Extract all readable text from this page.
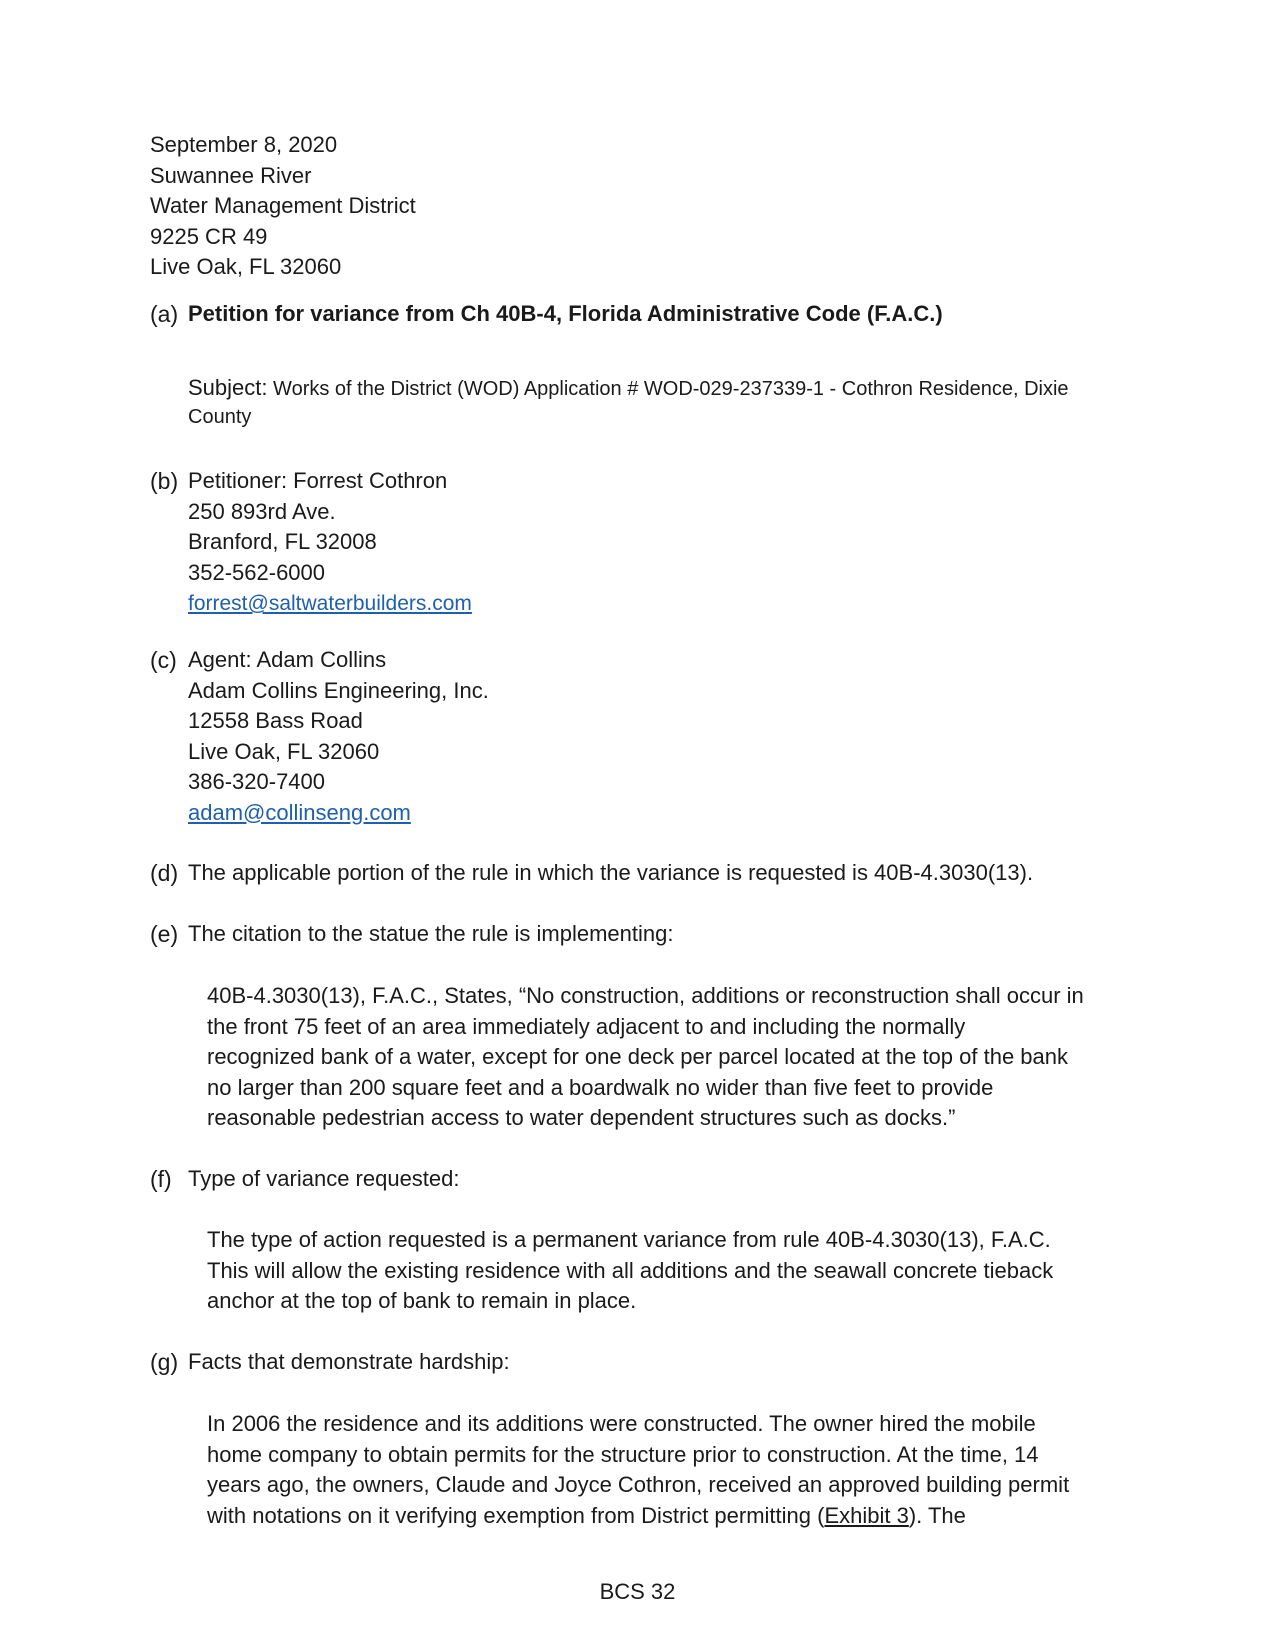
September 8, 2020
Suwannee River
Water Management District
9225 CR 49
Live Oak, FL 32060
(a) Petition for variance from Ch 40B-4, Florida Administrative Code (F.A.C.)
Subject: Works of the District (WOD) Application # WOD-029-237339-1 - Cothron Residence, Dixie County
(b) Petitioner: Forrest Cothron
250 893rd Ave.
Branford, FL 32008
352-562-6000
forrest@saltwaterbuilders.com
(c) Agent: Adam Collins
Adam Collins Engineering, Inc.
12558 Bass Road
Live Oak, FL 32060
386-320-7400
adam@collinseng.com
(d) The applicable portion of the rule in which the variance is requested is 40B-4.3030(13).
(e) The citation to the statue the rule is implementing:
40B-4.3030(13), F.A.C., States, “No construction, additions or reconstruction shall occur in
the front 75 feet of an area immediately adjacent to and including the normally
recognized bank of a water, except for one deck per parcel located at the top of the bank
no larger than 200 square feet and a boardwalk no wider than five feet to provide
reasonable pedestrian access to water dependent structures such as docks.”
(f) Type of variance requested:
The type of action requested is a permanent variance from rule 40B-4.3030(13), F.A.C.
This will allow the existing residence with all additions and the seawall concrete tieback
anchor at the top of bank to remain in place.
(g) Facts that demonstrate hardship:
In 2006 the residence and its additions were constructed. The owner hired the mobile
home company to obtain permits for the structure prior to construction. At the time, 14
years ago, the owners, Claude and Joyce Cothron, received an approved building permit
with notations on it verifying exemption from District permitting (Exhibit 3). The
BCS 32
